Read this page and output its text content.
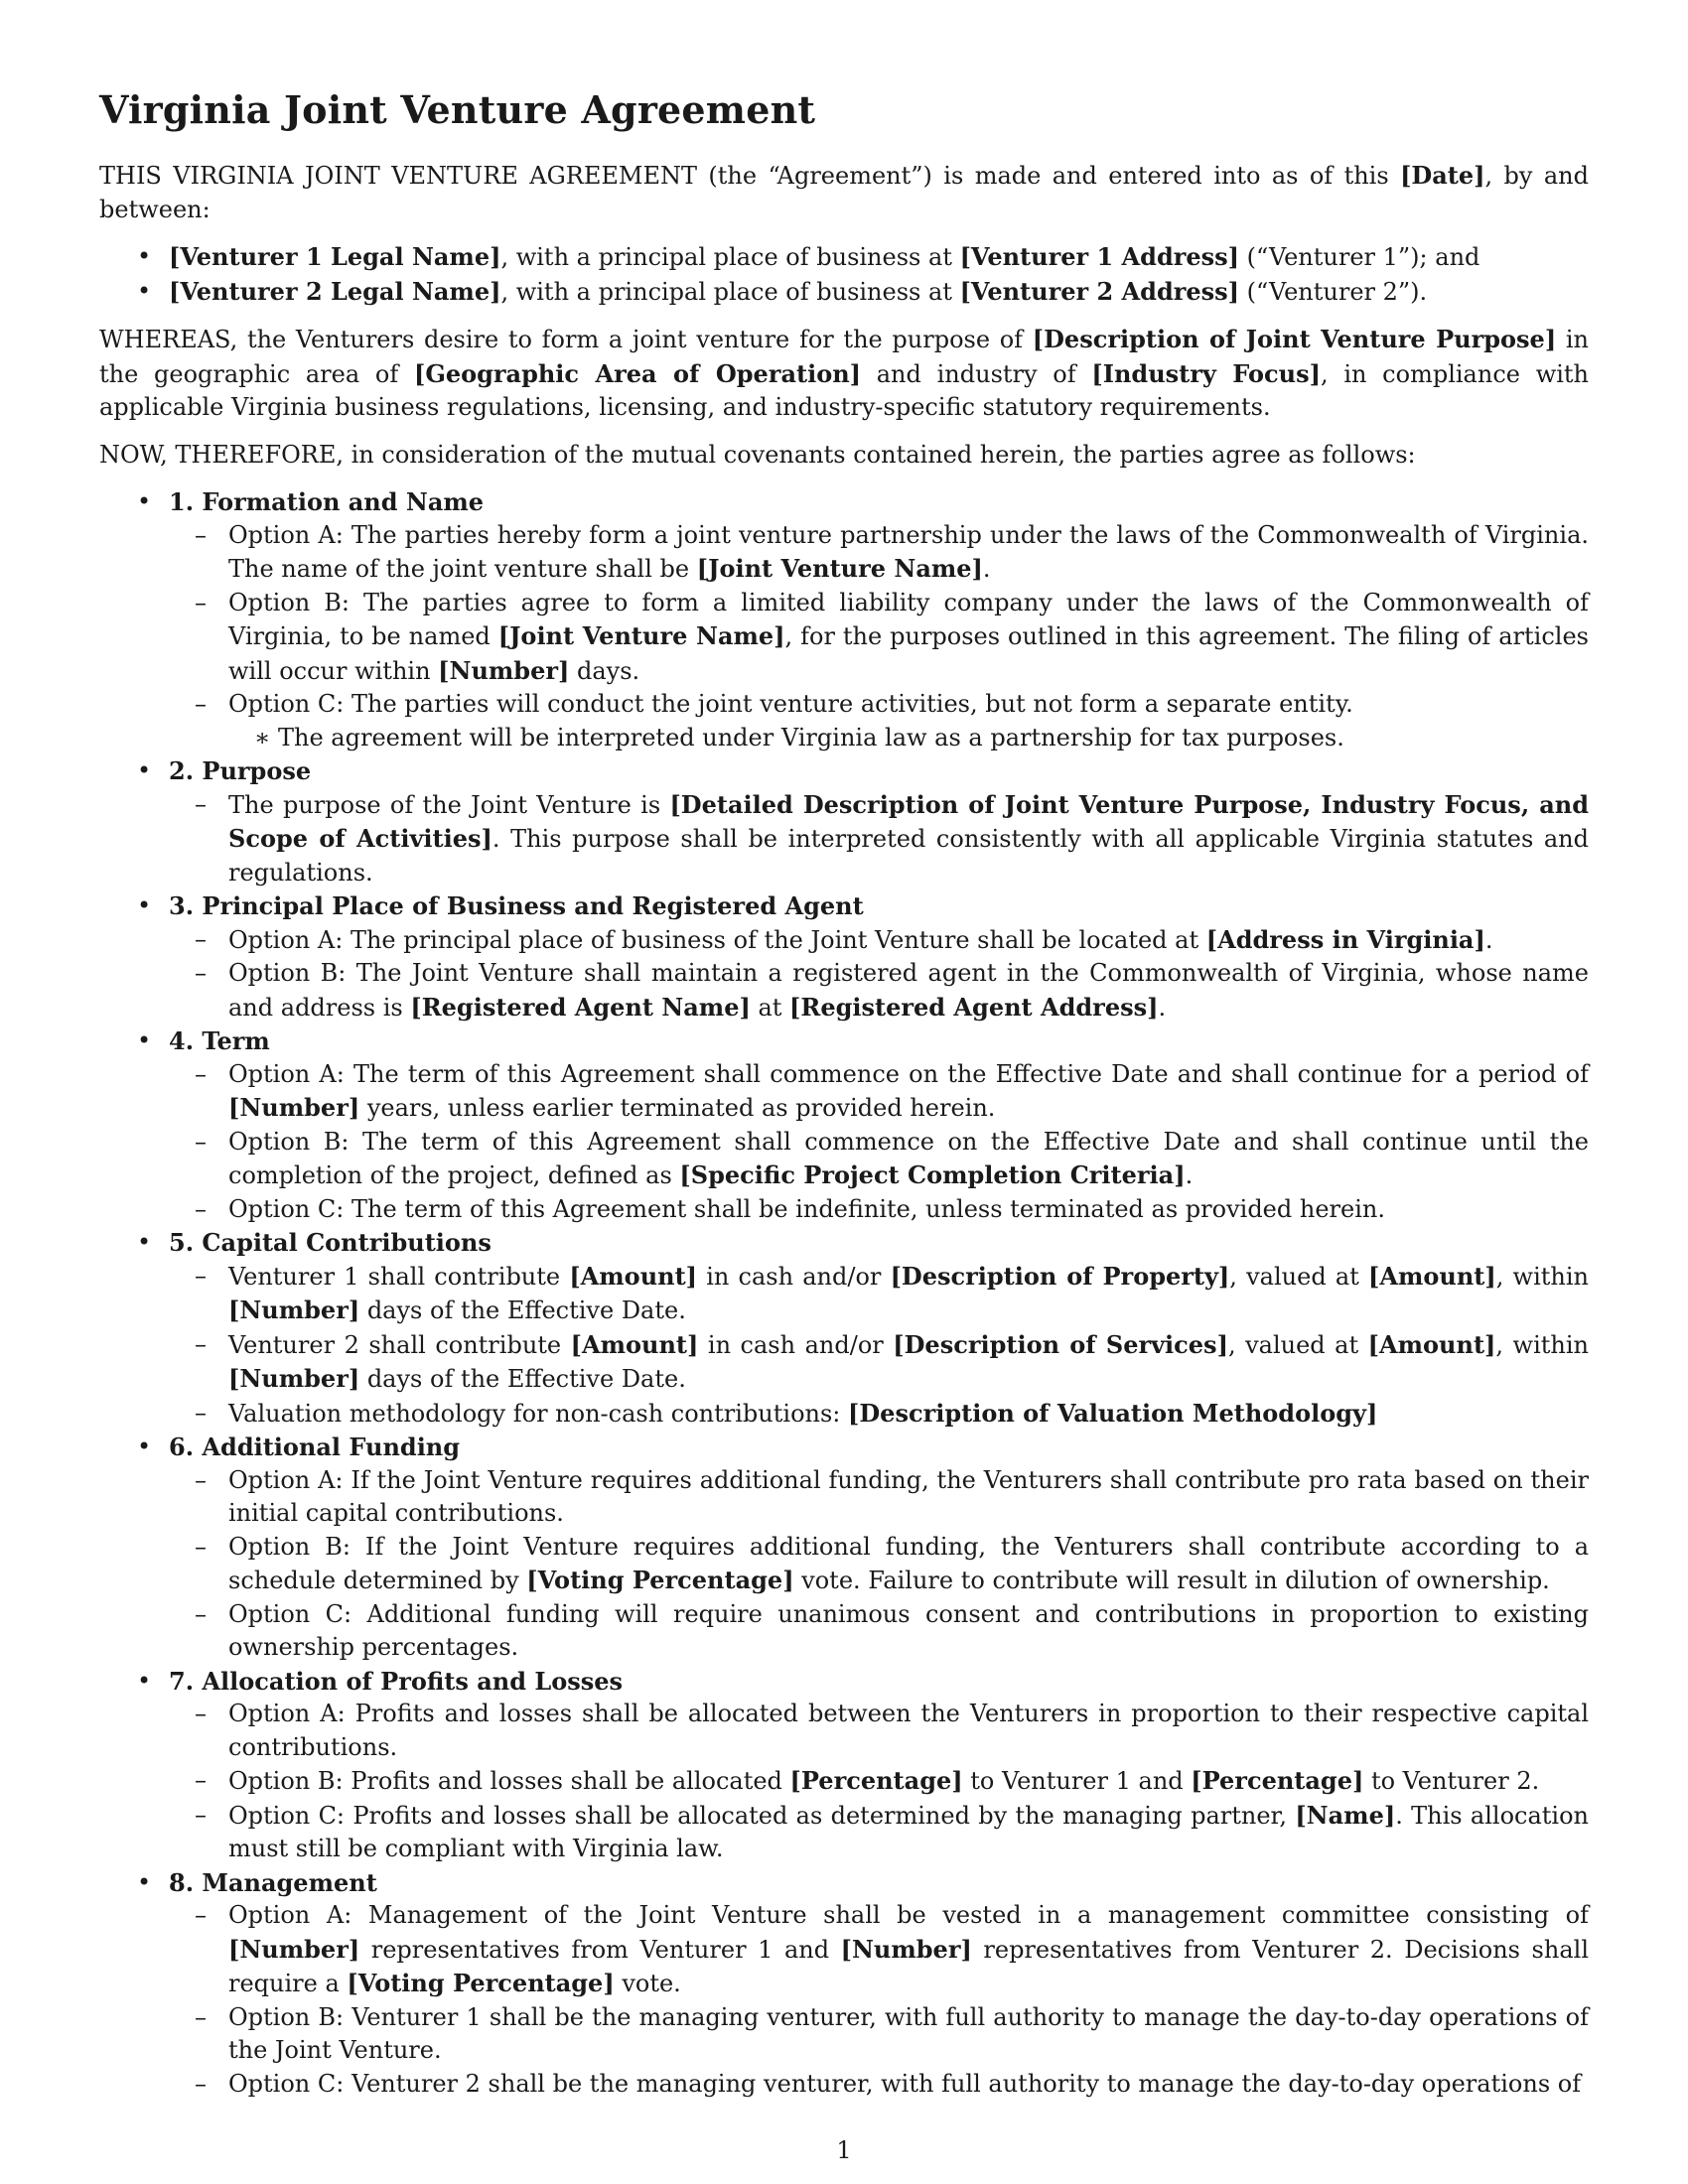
Virginia Joint Venture Agreement

THIS VIRGINIA JOINT VENTURE AGREEMENT (the “Agreement”) is made and entered into as of this [Date], by and between:

• [Venturer 1 Legal Name], with a principal place of business at [Venturer 1 Address] (“Venturer 1”); and
• [Venturer 2 Legal Name], with a principal place of business at [Venturer 2 Address] (“Venturer 2”).

WHEREAS, the Venturers desire to form a joint venture for the purpose of [Description of Joint Venture Purpose] in the geographic area of [Geographic Area of Operation] and industry of [Industry Focus], in compliance with applicable Virginia business regulations, licensing, and industry-specific statutory requirements.

NOW, THEREFORE, in consideration of the mutual covenants contained herein, the parties agree as follows:

• 1. Formation and Name
– Option A: The parties hereby form a joint venture partnership under the laws of the Commonwealth of Virginia. The name of the joint venture shall be [Joint Venture Name].
– Option B: The parties agree to form a limited liability company under the laws of the Commonwealth of Virginia, to be named [Joint Venture Name], for the purposes outlined in this agreement. The filing of articles will occur within [Number] days.
– Option C: The parties will conduct the joint venture activities, but not form a separate entity.
∗ The agreement will be interpreted under Virginia law as a partnership for tax purposes.
• 2. Purpose
– The purpose of the Joint Venture is [Detailed Description of Joint Venture Purpose, Industry Focus, and Scope of Activities]. This purpose shall be interpreted consistently with all applicable Virginia statutes and regulations.
• 3. Principal Place of Business and Registered Agent
– Option A: The principal place of business of the Joint Venture shall be located at [Address in Virginia].
– Option B: The Joint Venture shall maintain a registered agent in the Commonwealth of Virginia, whose name and address is [Registered Agent Name] at [Registered Agent Address].
• 4. Term
– Option A: The term of this Agreement shall commence on the Effective Date and shall continue for a period of [Number] years, unless earlier terminated as provided herein.
– Option B: The term of this Agreement shall commence on the Effective Date and shall continue until the completion of the project, defined as [Specific Project Completion Criteria].
– Option C: The term of this Agreement shall be indefinite, unless terminated as provided herein.
• 5. Capital Contributions
– Venturer 1 shall contribute [Amount] in cash and/or [Description of Property], valued at [Amount], within [Number] days of the Effective Date.
– Venturer 2 shall contribute [Amount] in cash and/or [Description of Services], valued at [Amount], within [Number] days of the Effective Date.
– Valuation methodology for non-cash contributions: [Description of Valuation Methodology]
• 6. Additional Funding
– Option A: If the Joint Venture requires additional funding, the Venturers shall contribute pro rata based on their initial capital contributions.
– Option B: If the Joint Venture requires additional funding, the Venturers shall contribute according to a schedule determined by [Voting Percentage] vote. Failure to contribute will result in dilution of ownership.
– Option C: Additional funding will require unanimous consent and contributions in proportion to existing ownership percentages.
• 7. Allocation of Profits and Losses
– Option A: Profits and losses shall be allocated between the Venturers in proportion to their respective capital contributions.
– Option B: Profits and losses shall be allocated [Percentage] to Venturer 1 and [Percentage] to Venturer 2.
– Option C: Profits and losses shall be allocated as determined by the managing partner, [Name]. This allocation must still be compliant with Virginia law.
• 8. Management
– Option A: Management of the Joint Venture shall be vested in a management committee consisting of [Number] representatives from Venturer 1 and [Number] representatives from Venturer 2. Decisions shall require a [Voting Percentage] vote.
– Option B: Venturer 1 shall be the managing venturer, with full authority to manage the day-to-day operations of the Joint Venture.
– Option C: Venturer 2 shall be the managing venturer, with full authority to manage the day-to-day operations of
1
